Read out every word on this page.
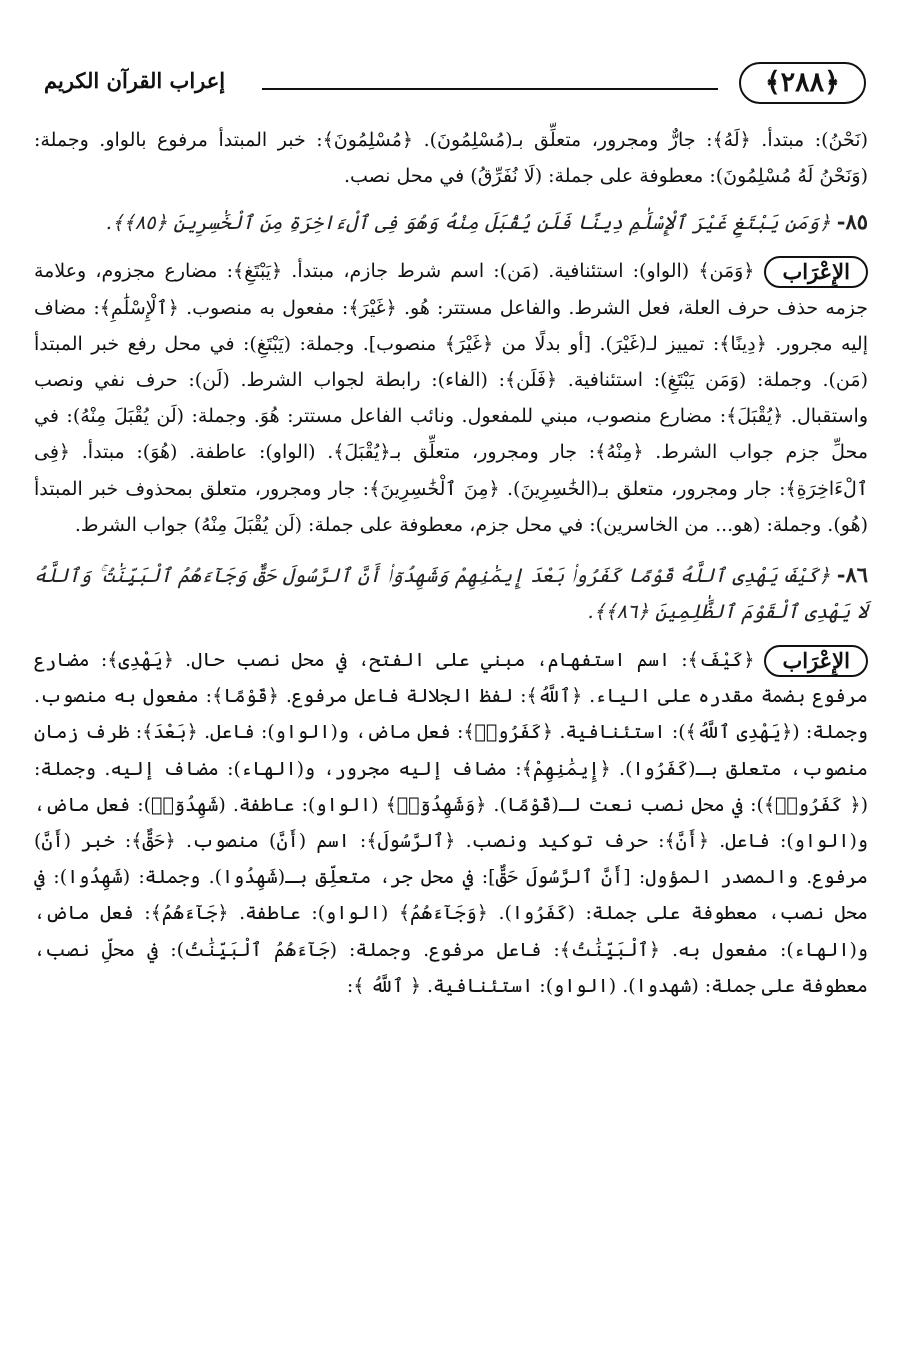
﴿٢٨٨﴾
إعراب القرآن الكريم

(نَحْنُ): مبتدأ. ﴿لَهُ﴾: جارٌّ ومجرور، متعلِّق بـ(مُسْلِمُونَ). ﴿مُسْلِمُونَ﴾: خبر المبتدأ مرفوع بالواو. وجملة: (وَنَحْنُ لَهُ مُسْلِمُونَ): معطوفة على جملة: (لَا نُفَرِّقُ) في محل نصب.

٨٥- ﴿وَمَن يَبْتَغِ غَيْرَ ٱلْإِسْلَٰمِ دِينًا فَلَن يُقْبَلَ مِنْهُ وَهُوَ فِى ٱلْءَاخِرَةِ مِنَ ٱلْخَٰسِرِينَ ﴿٨٥﴾﴾.

الإِعْرَاب
﴿وَمَن﴾ (الواو): استئنافية. (مَن): اسم شرط جازم، مبتدأ. ﴿يَبْتَغِ﴾: مضارع مجزوم، وعلامة جزمه حذف حرف العلة، فعل الشرط. والفاعل مستتر: هُو. ﴿غَيْرَ﴾: مفعول به منصوب. ﴿ٱلْإِسْلَٰمِ﴾: مضاف إليه مجرور. ﴿دِينًا﴾: تمييز لـ(غَيْرَ). [أو بدلًا من ﴿غَيْرَ﴾ منصوب]. وجملة: (يَبْتَغِ): في محل رفع خبر المبتدأ (مَن). وجملة: (وَمَن يَبْتَغِ): استئنافية. ﴿فَلَن﴾: (الفاء): رابطة لجواب الشرط. (لَن): حرف نفي ونصب واستقبال. ﴿يُقْبَلَ﴾: مضارع منصوب، مبني للمفعول. ونائب الفاعل مستتر: هُوَ. وجملة: (لَن يُقْبَلَ مِنْهُ): في محلِّ جزم جواب الشرط. ﴿مِنْهُ﴾: جار ومجرور، متعلِّق بـ﴿يُقْبَلَ﴾. (الواو): عاطفة. (هُوَ): مبتدأ. ﴿فِى ٱلْءَاخِرَةِ﴾: جار ومجرور، متعلق بـ(الخَٰسِرِينَ). ﴿مِنَ ٱلْخَٰسِرِينَ﴾: جار ومجرور، متعلق بمحذوف خبر المبتدأ (هُو). وجملة: (هو... من الخاسرين): في محل جزم، معطوفة على جملة: (لَن يُقْبَلَ مِنْهُ) جواب الشرط.

٨٦- ﴿كَيْفَ يَهْدِى ٱللَّهُ قَوْمًا كَفَرُوا۟ بَعْدَ إِيمَٰنِهِمْ وَشَهِدُوٓا۟ أَنَّ ٱلرَّسُولَ حَقٌّ وَجَآءَهُمُ ٱلْبَيِّنَٰتُ ۚ وَٱللَّهُ لَا يَهْدِى ٱلْقَوْمَ ٱلظَّٰلِمِينَ ﴿٨٦﴾﴾.

الإِعْرَاب
﴿كَيْفَ﴾: اسم استفهام، مبني على الفتح، في محل نصب حال. ﴿يَهْدِى﴾: مضارع مرفوع بضمة مقدره على الياء. ﴿ٱللَّهُ﴾: لفظ الجلالة فاعل مرفوع. ﴿قَوْمًا﴾: مفعول به منصوب. وجملة: (﴿يَهْدِى ٱللَّهُ﴾): استئنافية. ﴿كَفَرُوا۟﴾: فعل ماض، و(الواو): فاعل. ﴿بَعْدَ﴾: ظرف زمان منصوب، متعلق بـ(كَفَرُوا). ﴿إِيمَٰنِهِمْ﴾: مضاف إليه مجرور، و(الهاء): مضاف إليه. وجملة: (﴿ كَفَرُوا۟﴾): في محل نصب نعت لـ(قَوْمًا). ﴿وَشَهِدُوٓا۟﴾ (الواو): عاطفة. (شَهِدُوٓا۟): فعل ماض، و(الواو): فاعل. ﴿أَنَّ﴾: حرف توكيد ونصب. ﴿ٱلرَّسُولَ﴾: اسم (أَنَّ) منصوب. ﴿حَقٌّ﴾: خبر (أَنَّ) مرفوع. والمصدر المؤول: [أَنَّ ٱلرَّسُولَ حَقٌّ]: في محل جر، متعلِّق بـ(شَهِدُوا). وجملة: (شَهِدُوا): في محل نصب، معطوفة على جملة: (كَفَرُوا). ﴿وَجَآءَهُمُ﴾ (الواو): عاطفة. ﴿جَآءَهُمُ﴾: فعل ماض، و(الهاء): مفعول به. ﴿ٱلْبَيِّنَٰتُ﴾: فاعل مرفوع. وجملة: (جَآءَهُمُ ٱلْبَيِّنَٰتُ): في محلِّ نصب، معطوفة على جملة: (شهدوا). (الواو): استئنافية. ﴿ ٱللَّهُ ﴾:
